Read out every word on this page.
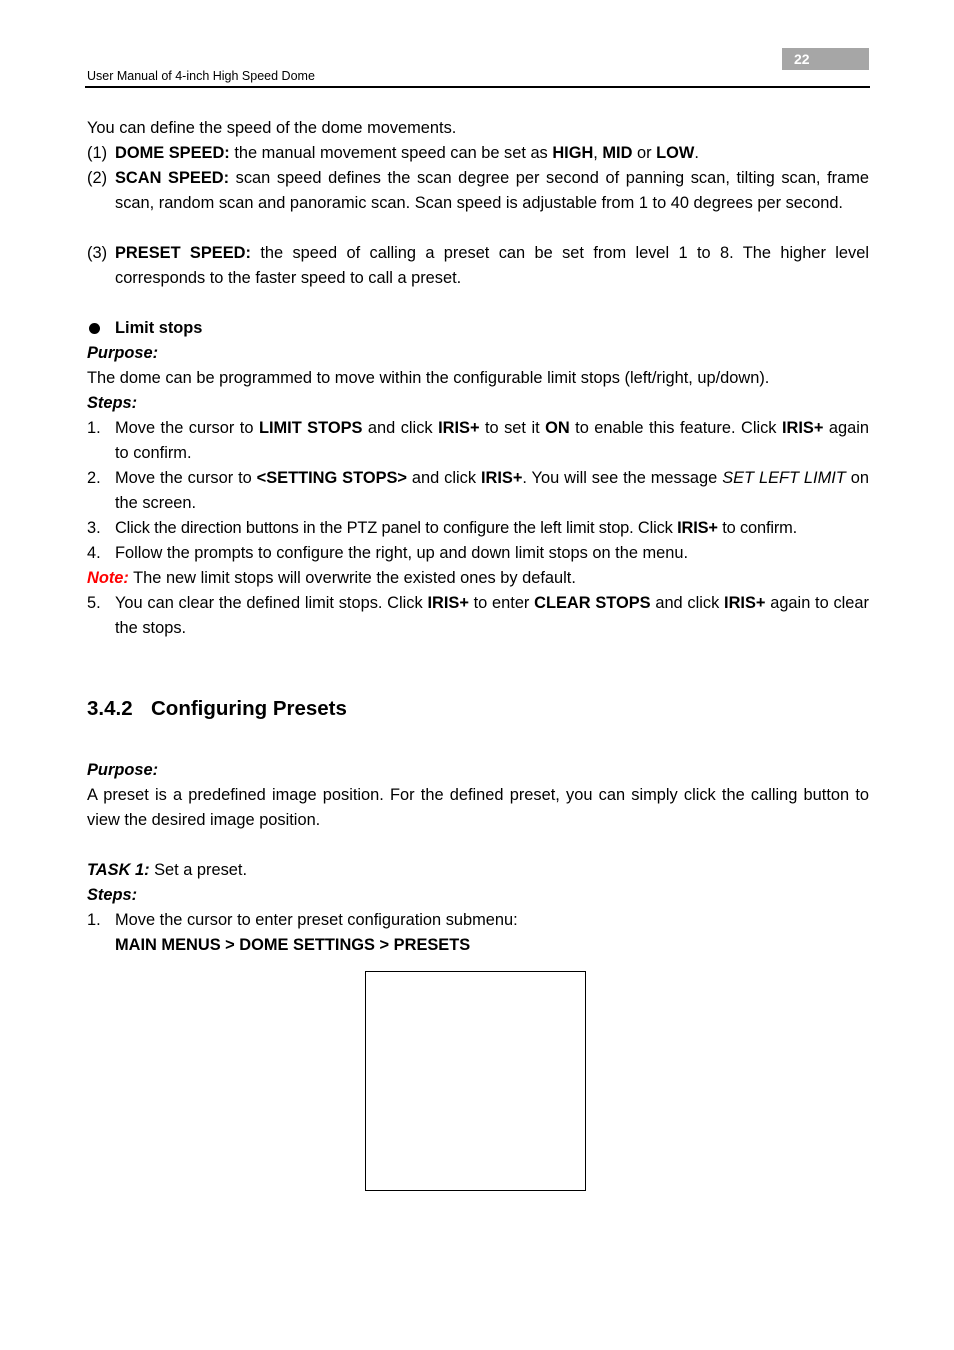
22
User Manual of 4-inch High Speed Dome
You can define the speed of the dome movements.
(1) DOME SPEED: the manual movement speed can be set as HIGH, MID or LOW.
(2) SCAN SPEED: scan speed defines the scan degree per second of panning scan, tilting scan, frame scan, random scan and panoramic scan. Scan speed is adjustable from 1 to 40 degrees per second.
(3) PRESET SPEED: the speed of calling a preset can be set from level 1 to 8. The higher level corresponds to the faster speed to call a preset.
Limit stops
Purpose:
The dome can be programmed to move within the configurable limit stops (left/right, up/down).
Steps:
1. Move the cursor to LIMIT STOPS and click IRIS+ to set it ON to enable this feature. Click IRIS+ again to confirm.
2. Move the cursor to <SETTING STOPS> and click IRIS+. You will see the message SET LEFT LIMIT on the screen.
3. Click the direction buttons in the PTZ panel to configure the left limit stop. Click IRIS+ to confirm.
4. Follow the prompts to configure the right, up and down limit stops on the menu.
Note: The new limit stops will overwrite the existed ones by default.
5. You can clear the defined limit stops. Click IRIS+ to enter CLEAR STOPS and click IRIS+ again to clear the stops.
3.4.2 Configuring Presets
Purpose:
A preset is a predefined image position. For the defined preset, you can simply click the calling button to view the desired image position.
TASK 1: Set a preset.
Steps:
1. Move the cursor to enter preset configuration submenu:
MAIN MENUS > DOME SETTINGS > PRESETS
